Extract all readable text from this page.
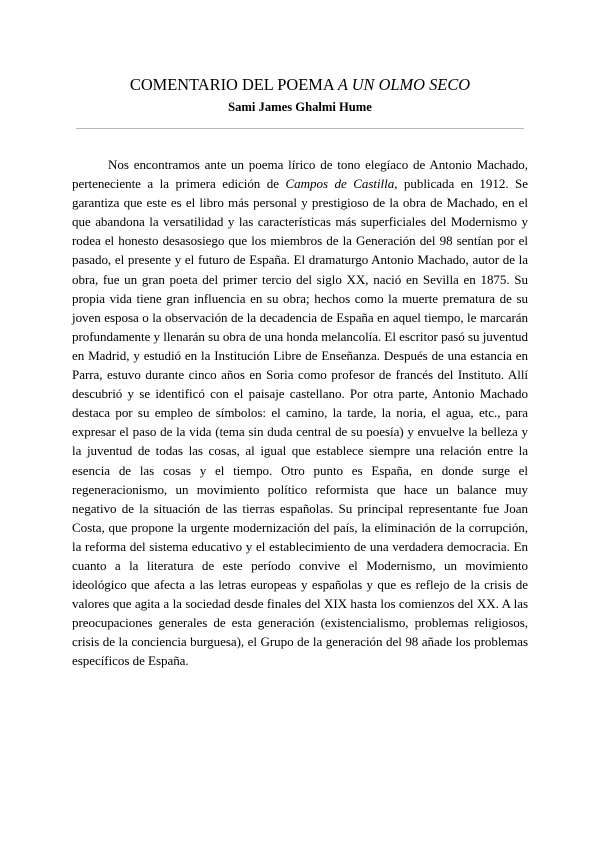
COMENTARIO DEL POEMA A UN OLMO SECO
Sami James Ghalmi Hume

Nos encontramos ante un poema lírico de tono elegíaco de Antonio Machado, perteneciente a la primera edición de Campos de Castilla, publicada en 1912. Se garantiza que este es el libro más personal y prestigioso de la obra de Machado, en el que abandona la versatilidad y las características más superficiales del Modernismo y rodea el honesto desasosiego que los miembros de la Generación del 98 sentían por el pasado, el presente y el futuro de España. El dramaturgo Antonio Machado, autor de la obra, fue un gran poeta del primer tercio del siglo XX, nació en Sevilla en 1875. Su propia vida tiene gran influencia en su obra; hechos como la muerte prematura de su joven esposa o la observación de la decadencia de España en aquel tiempo, le marcarán profundamente y llenarán su obra de una honda melancolía. El escritor pasó su juventud en Madrid, y estudió en la Institución Libre de Enseñanza. Después de una estancia en Parra, estuvo durante cinco años en Soria como profesor de francés del Instituto. Allí descubrió y se identificó con el paisaje castellano. Por otra parte, Antonio Machado destaca por su empleo de símbolos: el camino, la tarde, la noria, el agua, etc., para expresar el paso de la vida (tema sin duda central de su poesía) y envuelve la belleza y la juventud de todas las cosas, al igual que establece siempre una relación entre la esencia de las cosas y el tiempo. Otro punto es España, en donde surge el regeneracionismo, un movimiento político reformista que hace un balance muy negativo de la situación de las tierras españolas. Su principal representante fue Joan Costa, que propone la urgente modernización del país, la eliminación de la corrupción, la reforma del sistema educativo y el establecimiento de una verdadera democracia. En cuanto a la literatura de este período convive el Modernismo, un movimiento ideológico que afecta a las letras europeas y españolas y que es reflejo de la crisis de valores que agita a la sociedad desde finales del XIX hasta los comienzos del XX. A las preocupaciones generales de esta generación (existencialismo, problemas religiosos, crisis de la conciencia burguesa), el Grupo de la generación del 98 añade los problemas específicos de España.
